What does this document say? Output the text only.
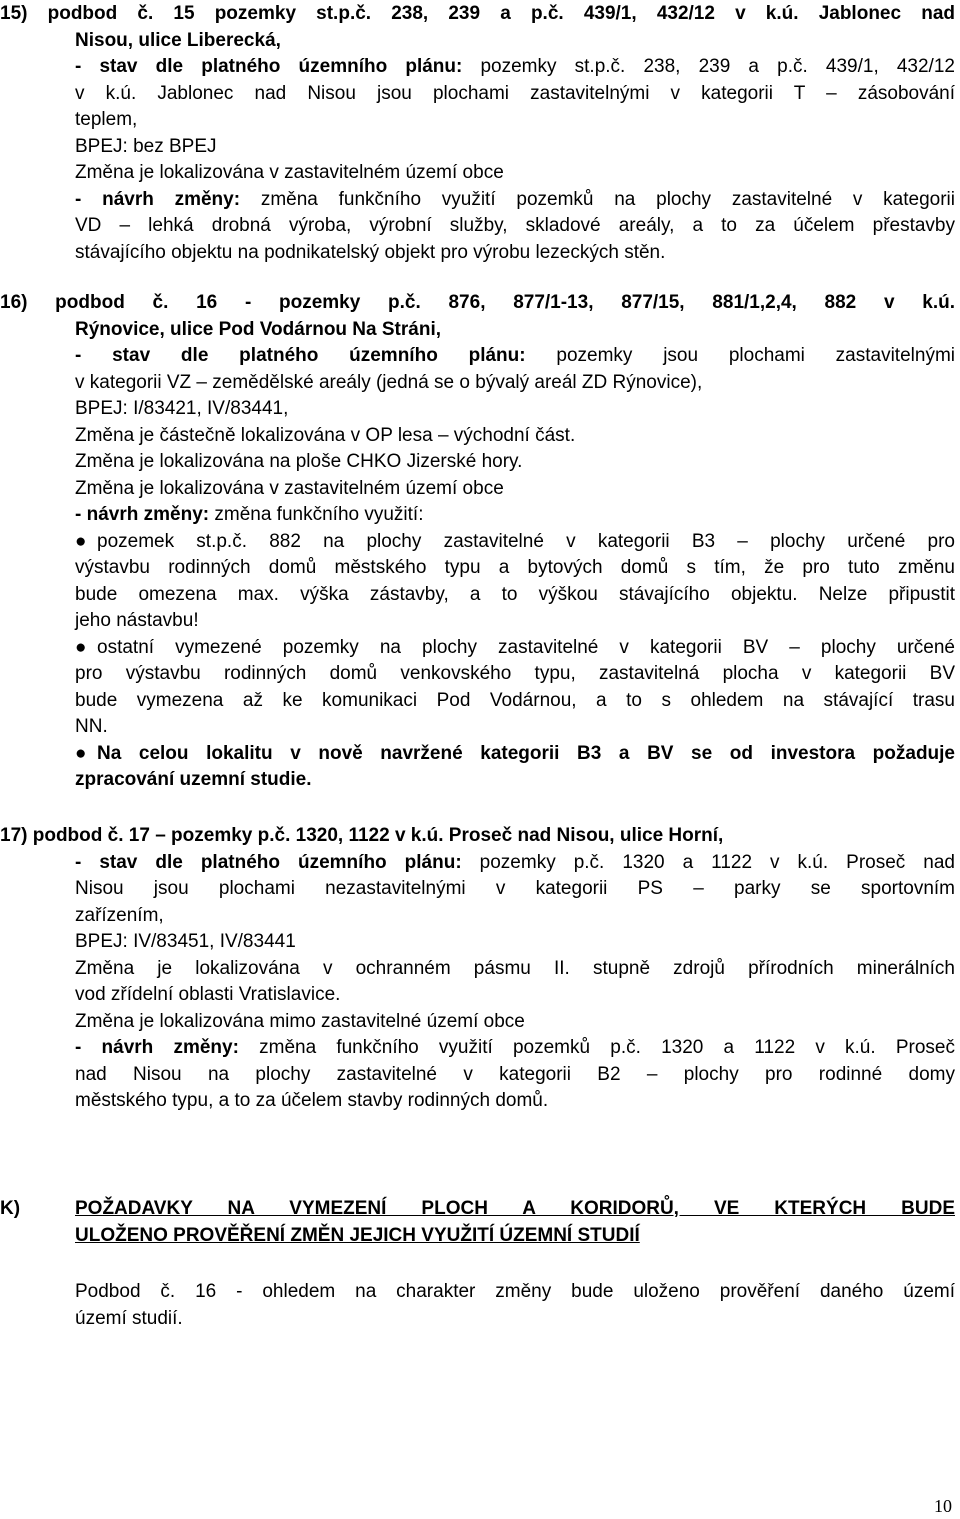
15) podbod č. 15 pozemky st.p.č. 238, 239 a p.č. 439/1, 432/12 v k.ú. Jablonec nad
Nisou, ulice Liberecká,
- stav dle platného územního plánu: pozemky st.p.č. 238, 239 a p.č. 439/1, 432/12
v k.ú. Jablonec nad Nisou jsou plochami zastavitelnými v kategorii T – zásobování
teplem,
BPEJ: bez BPEJ
Změna je lokalizována v zastavitelném území obce
- návrh změny: změna funkčního využití pozemků na plochy zastavitelné v kategorii
VD – lehká drobná výroba, výrobní služby, skladové areály, a to za účelem přestavby
stávajícího objektu na podnikatelský objekt pro výrobu lezeckých stěn.
16) podbod č. 16 - pozemky p.č. 876, 877/1-13, 877/15, 881/1,2,4, 882 v k.ú.
Rýnovice, ulice Pod Vodárnou Na Stráni,
- stav dle platného územního plánu: pozemky jsou plochami zastavitelnými
v kategorii VZ – zemědělské areály (jedná se o bývalý areál ZD Rýnovice),
BPEJ: I/83421, IV/83441,
Změna je částečně lokalizována v OP lesa – východní část.
Změna je lokalizována na ploše CHKO Jizerské hory.
Změna je lokalizována v zastavitelném území obce
- návrh změny: změna funkčního využití:
● pozemek st.p.č. 882 na plochy zastavitelné v kategorii B3 – plochy určené pro
výstavbu rodinných domů městského typu a bytových domů s tím, že pro tuto změnu
bude omezena max. výška zástavby, a to výškou stávajícího objektu. Nelze připustit
jeho nástavbu!
● ostatní vymezené pozemky na plochy zastavitelné v kategorii BV – plochy určené
pro výstavbu rodinných domů venkovského typu, zastavitelná plocha v kategorii BV
bude vymezena až ke komunikaci Pod Vodárnou, a to s ohledem na stávající trasu
NN.
● Na celou lokalitu v nově navržené kategorii B3 a BV se od investora požaduje
zpracování uzemní studie.
17) podbod č. 17 – pozemky p.č. 1320, 1122 v k.ú. Proseč nad Nisou, ulice Horní,
- stav dle platného územního plánu: pozemky p.č. 1320 a 1122 v k.ú. Proseč nad
Nisou jsou plochami nezastavitelnými v kategorii PS – parky se sportovním
zařízením,
BPEJ: IV/83451, IV/83441
Změna je lokalizována v ochranném pásmu II. stupně zdrojů přírodních minerálních
vod zřídelní oblasti Vratislavice.
Změna je lokalizována mimo zastavitelné území obce
- návrh změny: změna funkčního využití pozemků p.č. 1320 a 1122 v k.ú. Proseč
nad Nisou na plochy zastavitelné v kategorii B2 – plochy pro rodinné domy
městského typu, a to za účelem stavby rodinných domů.
K)	POŽADAVKY NA VYMEZENÍ PLOCH A KORIDORŮ, VE KTERÝCH BUDE
ULOŽENO PROVĚŘENÍ ZMĚN JEJICH VYUŽITÍ ÚZEMNÍ STUDIÍ
Podbod č. 16 - ohledem na charakter změny bude uloženo prověření daného území
území studií.
10
